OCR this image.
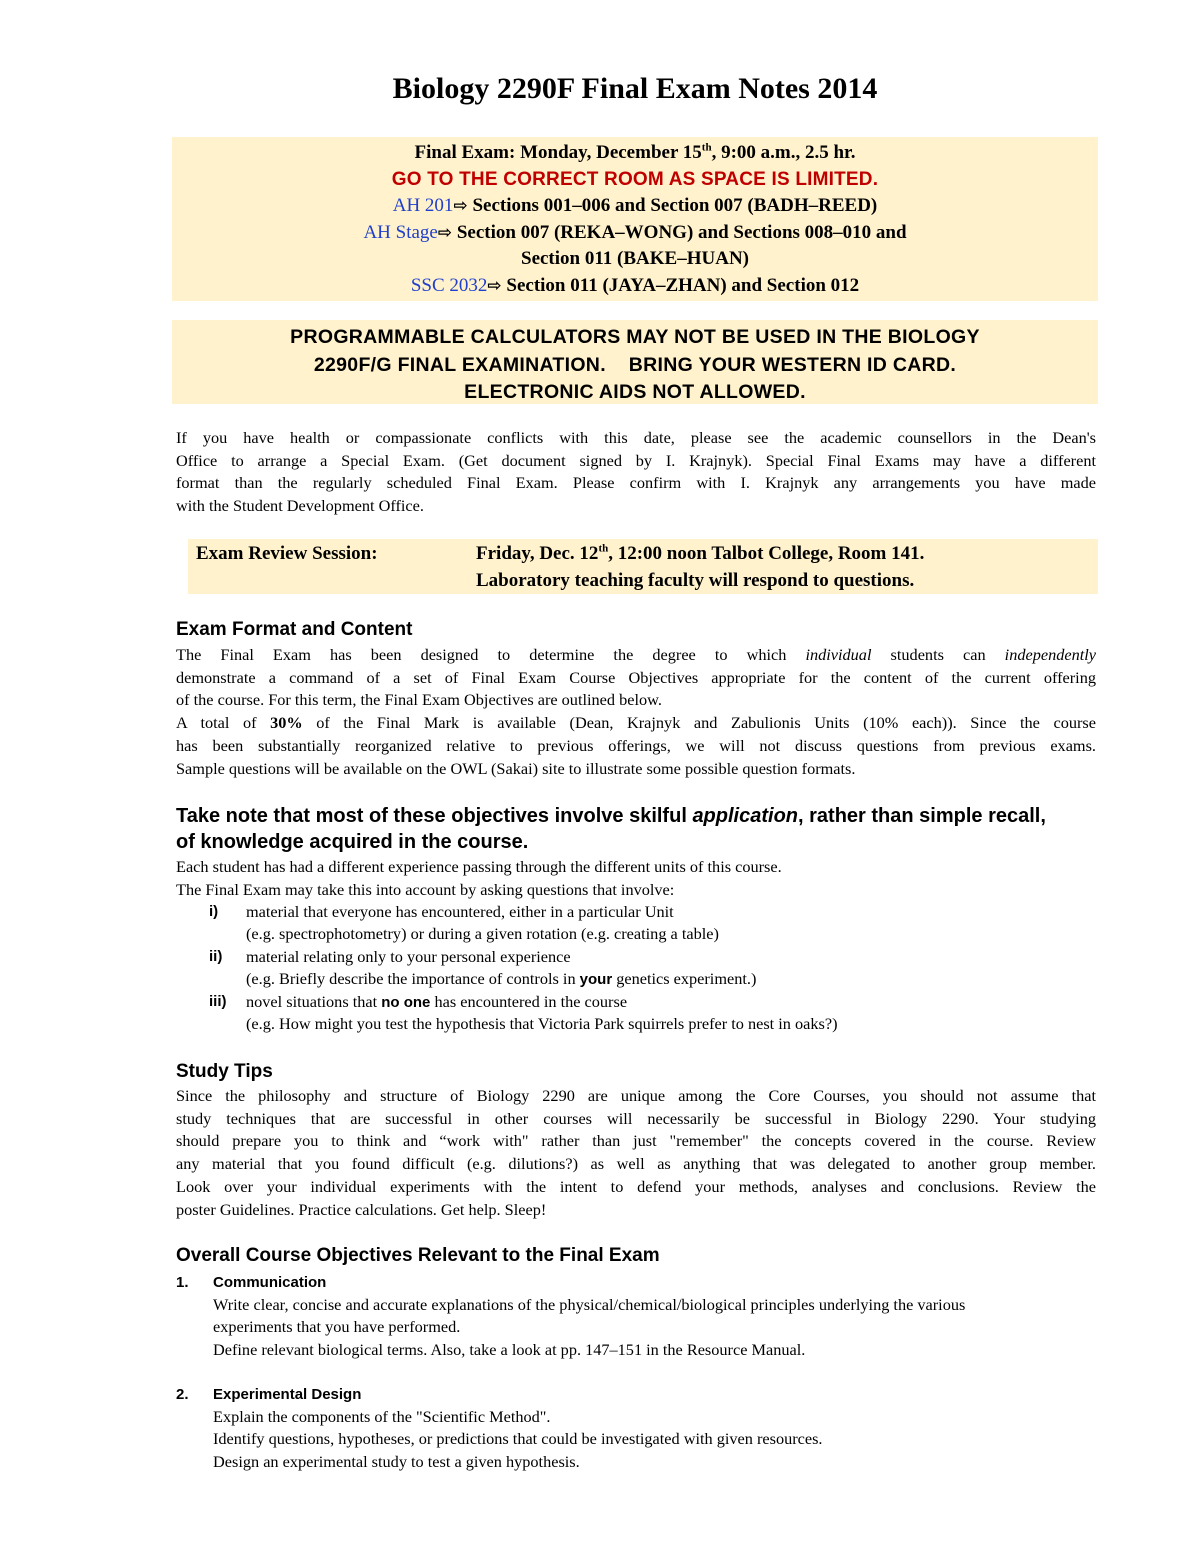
Biology 2290F Final Exam Notes 2014
Final Exam: Monday, December 15th, 9:00 a.m., 2.5 hr.
GO TO THE CORRECT ROOM AS SPACE IS LIMITED.
AH 201⇨ Sections 001–006 and Section 007 (BADH–REED)
AH Stage⇨ Section 007 (REKA–WONG) and Sections 008–010 and
Section 011 (BAKE–HUAN)
SSC 2032⇨ Section 011 (JAYA–ZHAN) and Section 012
PROGRAMMABLE CALCULATORS MAY NOT BE USED IN THE BIOLOGY
2290F/G FINAL EXAMINATION.    BRING YOUR WESTERN ID CARD.
ELECTRONIC AIDS NOT ALLOWED.
If you have health or compassionate conflicts with this date, please see the academic counsellors in the Dean's
Office to arrange a Special Exam. (Get document signed by I. Krajnyk). Special Final Exams may have a different
format than the regularly scheduled Final Exam. Please confirm with I. Krajnyk any arrangements you have made
with the Student Development Office.
Exam Review Session:	Friday, Dec. 12th, 12:00 noon Talbot College, Room 141.
Laboratory teaching faculty will respond to questions.
Exam Format and Content
The Final Exam has been designed to determine the degree to which individual students can independently
demonstrate a command of a set of Final Exam Course Objectives appropriate for the content of the current offering
of the course. For this term, the Final Exam Objectives are outlined below.
A total of 30% of the Final Mark is available (Dean, Krajnyk and Zabulionis Units (10% each)). Since the course
has been substantially reorganized relative to previous offerings, we will not discuss questions from previous exams.
Sample questions will be available on the OWL (Sakai) site to illustrate some possible question formats.
Take note that most of these objectives involve skilful application, rather than simple recall,
of knowledge acquired in the course.
Each student has had a different experience passing through the different units of this course.
The Final Exam may take this into account by asking questions that involve:
i) material that everyone has encountered, either in a particular Unit
(e.g. spectrophotometry) or during a given rotation (e.g. creating a table)
ii) material relating only to your personal experience
(e.g. Briefly describe the importance of controls in your genetics experiment.)
iii) novel situations that no one has encountered in the course
(e.g. How might you test the hypothesis that Victoria Park squirrels prefer to nest in oaks?)
Study Tips
Since the philosophy and structure of Biology 2290 are unique among the Core Courses, you should not assume that
study techniques that are successful in other courses will necessarily be successful in Biology 2290. Your studying
should prepare you to think and “work with" rather than just "remember" the concepts covered in the course. Review
any material that you found difficult (e.g. dilutions?) as well as anything that was delegated to another group member.
Look over your individual experiments with the intent to defend your methods, analyses and conclusions. Review the
poster Guidelines. Practice calculations. Get help. Sleep!
Overall Course Objectives Relevant to the Final Exam
1. Communication
Write clear, concise and accurate explanations of the physical/chemical/biological principles underlying the various
experiments that you have performed.
Define relevant biological terms. Also, take a look at pp. 147–151 in the Resource Manual.
2. Experimental Design
Explain the components of the "Scientific Method".
Identify questions, hypotheses, or predictions that could be investigated with given resources.
Design an experimental study to test a given hypothesis.
